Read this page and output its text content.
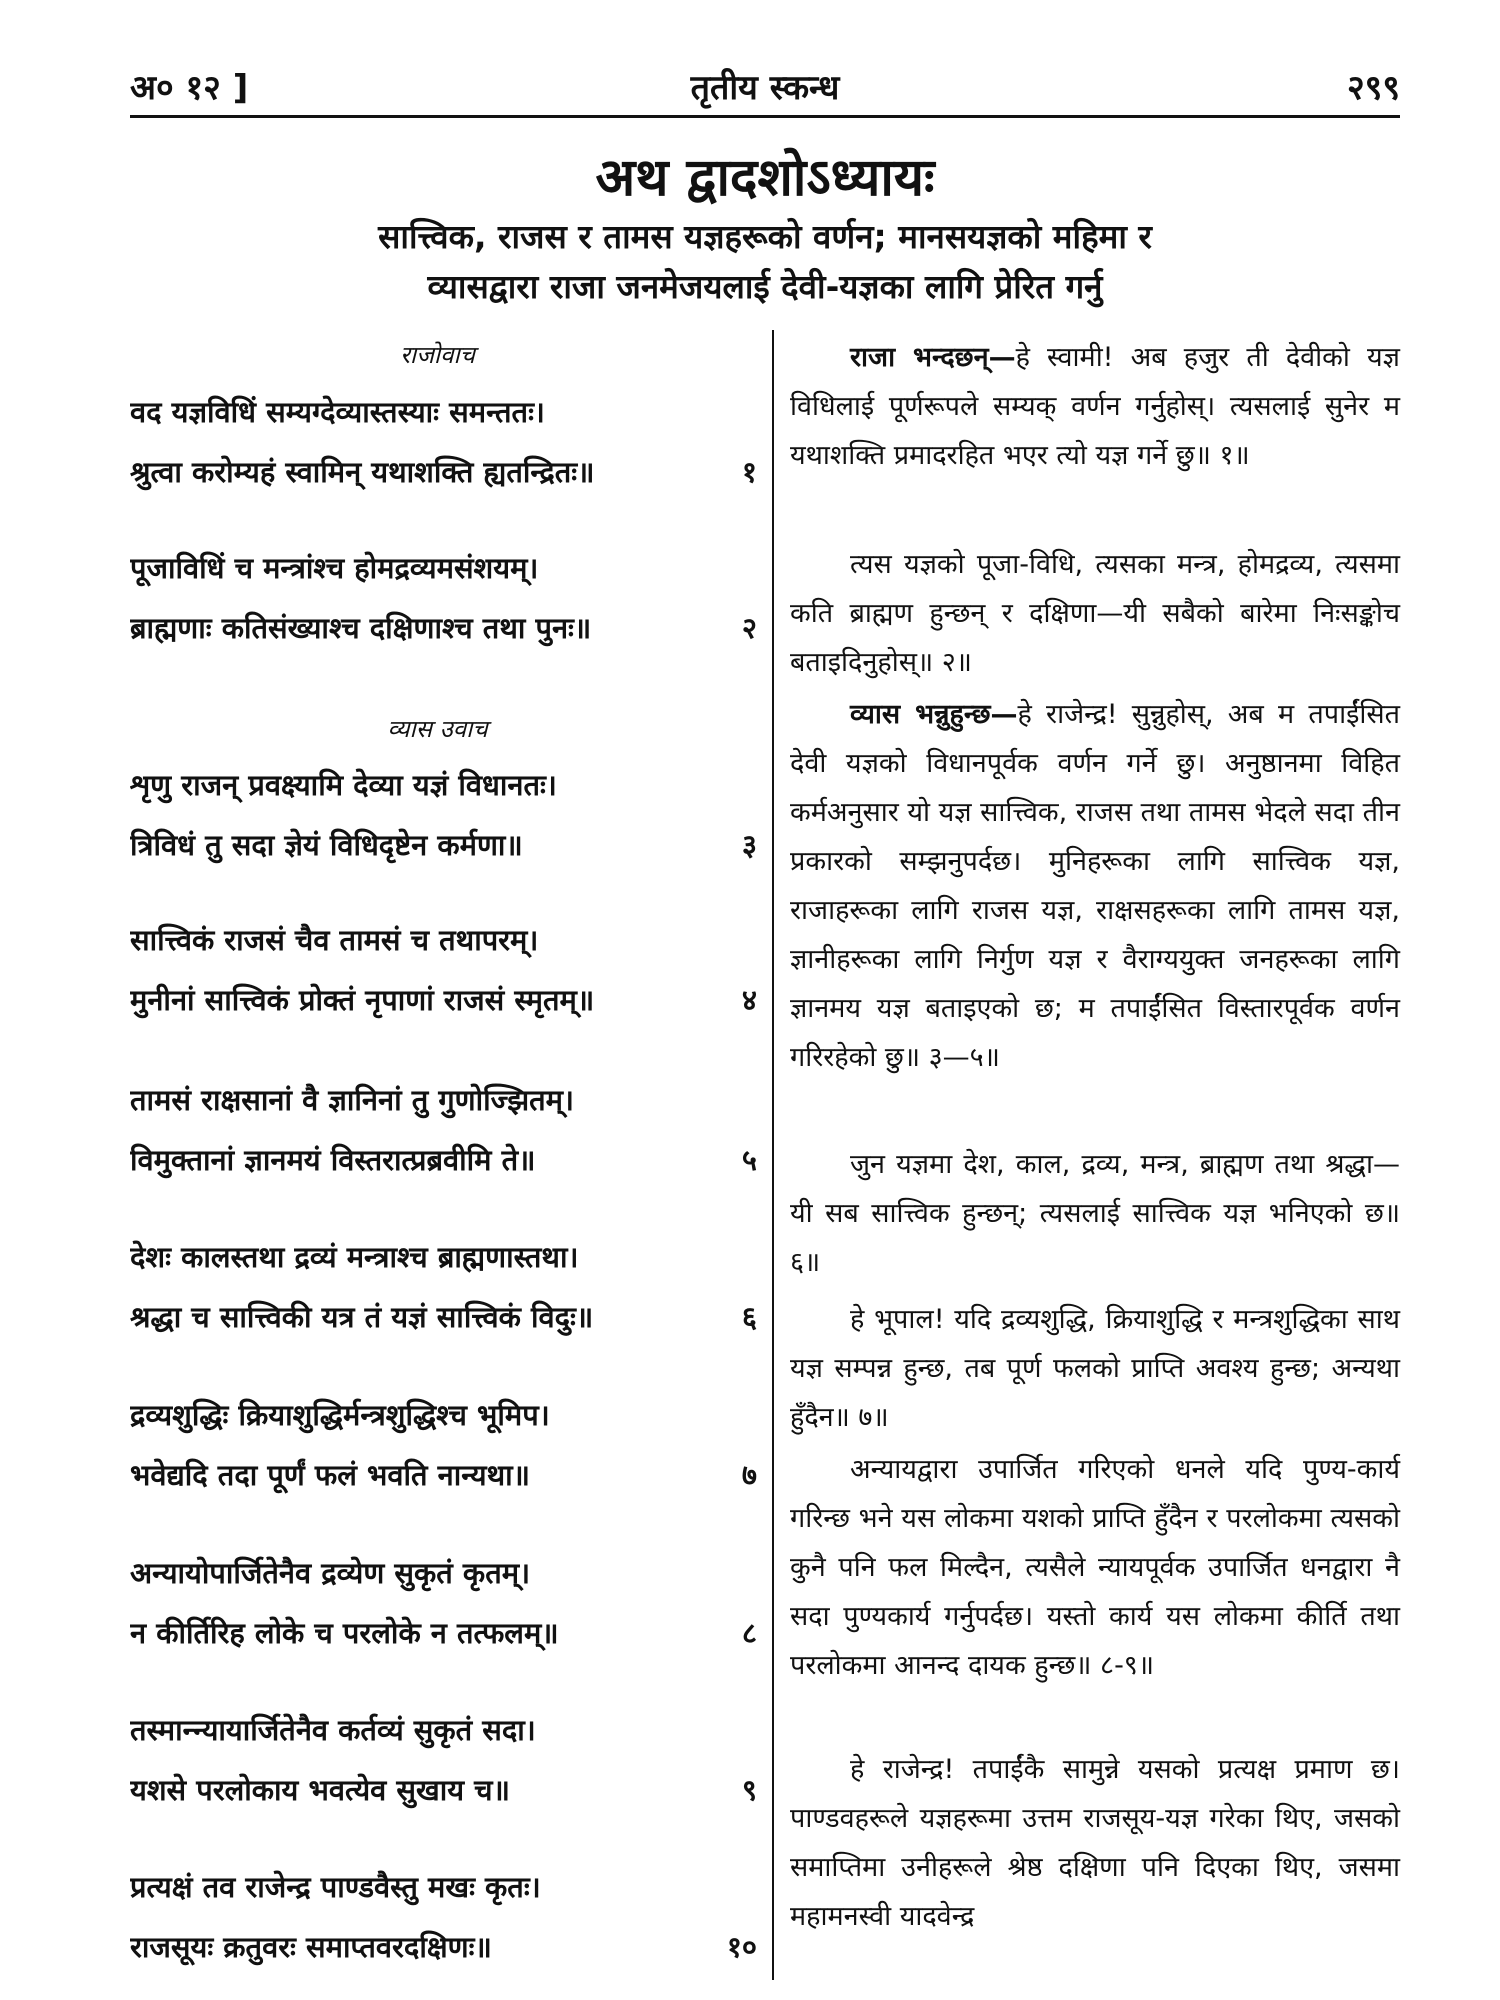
अ० १२ ]	तृतीय स्कन्ध	२९९
अथ द्वादशोऽध्यायः
सात्त्विक, राजस र तामस यज्ञहरूको वर्णन; मानसयज्ञको महिमा र
व्यासद्वारा राजा जनमेजयलाई देवी-यज्ञका लागि प्रेरित गर्नु
राजोवाच
वद यज्ञविधिं सम्यग्देव्यास्तस्याः समन्ततः।
श्रुत्वा करोम्यहं स्वामिन् यथाशक्ति ह्यतन्द्रितः॥	१
पूजाविधिं च मन्त्रांश्च होमद्रव्यमसंशयम्।
ब्राह्मणाः कतिसंख्याश्च दक्षिणाश्च तथा पुनः॥	२
व्यास उवाच
शृणु राजन् प्रवक्ष्यामि देव्या यज्ञं विधानतः।
त्रिविधं तु सदा ज्ञेयं विधिदृष्टेन कर्मणा॥	३
सात्त्विकं राजसं चैव तामसं च तथापरम्।
मुनीनां सात्त्विकं प्रोक्तं नृपाणां राजसं स्मृतम्॥	४
तामसं राक्षसानां वै ज्ञानिनां तु गुणोज्झितम्।
विमुक्तानां ज्ञानमयं विस्तरात्प्रब्रवीमि ते॥	५
देशः कालस्तथा द्रव्यं मन्त्राश्च ब्राह्मणास्तथा।
श्रद्धा च सात्त्विकी यत्र तं यज्ञं सात्त्विकं विदुः॥	६
द्रव्यशुद्धिः क्रियाशुद्धिर्मन्त्रशुद्धिश्च भूमिप।
भवेद्यदि तदा पूर्णं फलं भवति नान्यथा॥	७
अन्यायोपार्जितेनैव द्रव्येण सुकृतं कृतम्।
न कीर्तिरिह लोके च परलोके न तत्फलम्॥	८
तस्मान्न्यायार्जितेनैव कर्तव्यं सुकृतं सदा।
यशसे परलोकाय भवत्येव सुखाय च॥	९
प्रत्यक्षं तव राजेन्द्र पाण्डवैस्तु मखः कृतः।
राजसूयः क्रतुवरः समाप्तवरदक्षिणः॥	१०
राजा भन्दछन्—हे स्वामी! अब हजुर ती देवीको यज्ञ विधिलाई पूर्णरूपले सम्यक् वर्णन गर्नुहोस्। त्यसलाई सुनेर म यथाशक्ति प्रमादरहित भएर त्यो यज्ञ गर्ने छु॥ १॥
त्यस यज्ञको पूजा-विधि, त्यसका मन्त्र, होमद्रव्य, त्यसमा कति ब्राह्मण हुन्छन् र दक्षिणा—यी सबैको बारेमा निःसङ्कोच बताइदिनुहोस्॥ २॥
व्यास भन्नुहुन्छ—हे राजेन्द्र! सुन्नुहोस्, अब म तपाईंसित देवी यज्ञको विधानपूर्वक वर्णन गर्ने छु। अनुष्ठानमा विहित कर्मअनुसार यो यज्ञ सात्त्विक, राजस तथा तामस भेदले सदा तीन प्रकारको सम्झनुपर्दछ। मुनिहरूका लागि सात्त्विक यज्ञ, राजाहरूका लागि राजस यज्ञ, राक्षसहरूका लागि तामस यज्ञ, ज्ञानीहरूका लागि निर्गुण यज्ञ र वैराग्ययुक्त जनहरूका लागि ज्ञानमय यज्ञ बताइएको छ; म तपाईंसित विस्तारपूर्वक वर्णन गरिरहेको छु॥ ३—५॥
जुन यज्ञमा देश, काल, द्रव्य, मन्त्र, ब्राह्मण तथा श्रद्धा—यी सब सात्त्विक हुन्छन्; त्यसलाई सात्त्विक यज्ञ भनिएको छ॥ ६॥
हे भूपाल! यदि द्रव्यशुद्धि, क्रियाशुद्धि र मन्त्रशुद्धिका साथ यज्ञ सम्पन्न हुन्छ, तब पूर्ण फलको प्राप्ति अवश्य हुन्छ; अन्यथा हुँदैन॥ ७॥
अन्यायद्वारा उपार्जित गरिएको धनले यदि पुण्य-कार्य गरिन्छ भने यस लोकमा यशको प्राप्ति हुँदैन र परलोकमा त्यसको कुनै पनि फल मिल्दैन, त्यसैले न्यायपूर्वक उपार्जित धनद्वारा नै सदा पुण्यकार्य गर्नुपर्दछ। यस्तो कार्य यस लोकमा कीर्ति तथा परलोकमा आनन्द दायक हुन्छ॥ ८-९॥
हे राजेन्द्र! तपाईंकै सामुन्ने यसको प्रत्यक्ष प्रमाण छ। पाण्डवहरूले यज्ञहरूमा उत्तम राजसूय-यज्ञ गरेका थिए, जसको समाप्तिमा उनीहरूले श्रेष्ठ दक्षिणा पनि दिएका थिए, जसमा महामनस्वी यादवेन्द्र
